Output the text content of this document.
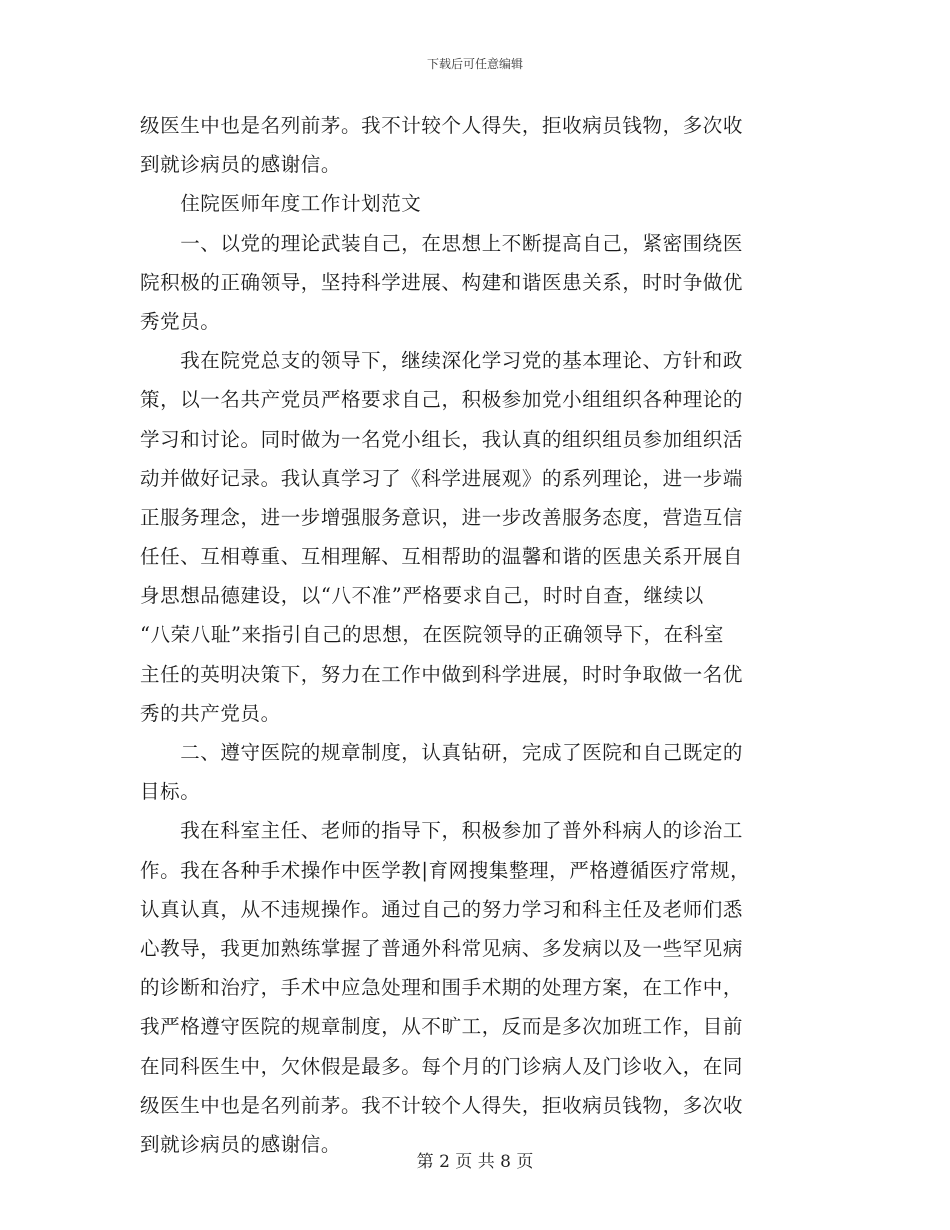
下载后可任意编辑
级医生中也是名列前茅。我不计较个人得失，拒收病员钱物，多次收
到就诊病员的感谢信。
　　住院医师年度工作计划范文
　　一、以党的理论武装自己，在思想上不断提高自己，紧密围绕医
院积极的正确领导，坚持科学进展、构建和谐医患关系，时时争做优
秀党员。
　　我在院党总支的领导下，继续深化学习党的基本理论、方针和政
策，以一名共产党员严格要求自己，积极参加党小组组织各种理论的
学习和讨论。同时做为一名党小组长，我认真的组织组员参加组织活
动并做好记录。我认真学习了《科学进展观》的系列理论，进一步端
正服务理念，进一步增强服务意识，进一步改善服务态度，营造互信
任任、互相尊重、互相理解、互相帮助的温馨和谐的医患关系开展自
身思想品德建设，以“八不准”严格要求自己，时时自查，继续以
“八荣八耻”来指引自己的思想，在医院领导的正确领导下，在科室
主任的英明决策下，努力在工作中做到科学进展，时时争取做一名优
秀的共产党员。
　　二、遵守医院的规章制度，认真钻研，完成了医院和自己既定的
目标。
　　我在科室主任、老师的指导下，积极参加了普外科病人的诊治工
作。我在各种手术操作中医学教|育网搜集整理，严格遵循医疗常规，
认真认真，从不违规操作。通过自己的努力学习和科主任及老师们悉
心教导，我更加熟练掌握了普通外科常见病、多发病以及一些罕见病
的诊断和治疗，手术中应急处理和围手术期的处理方案，在工作中，
我严格遵守医院的规章制度，从不旷工，反而是多次加班工作，目前
在同科医生中，欠休假是最多。每个月的门诊病人及门诊收入，在同
级医生中也是名列前茅。我不计较个人得失，拒收病员钱物，多次收
到就诊病员的感谢信。
第 2 页 共 8 页
